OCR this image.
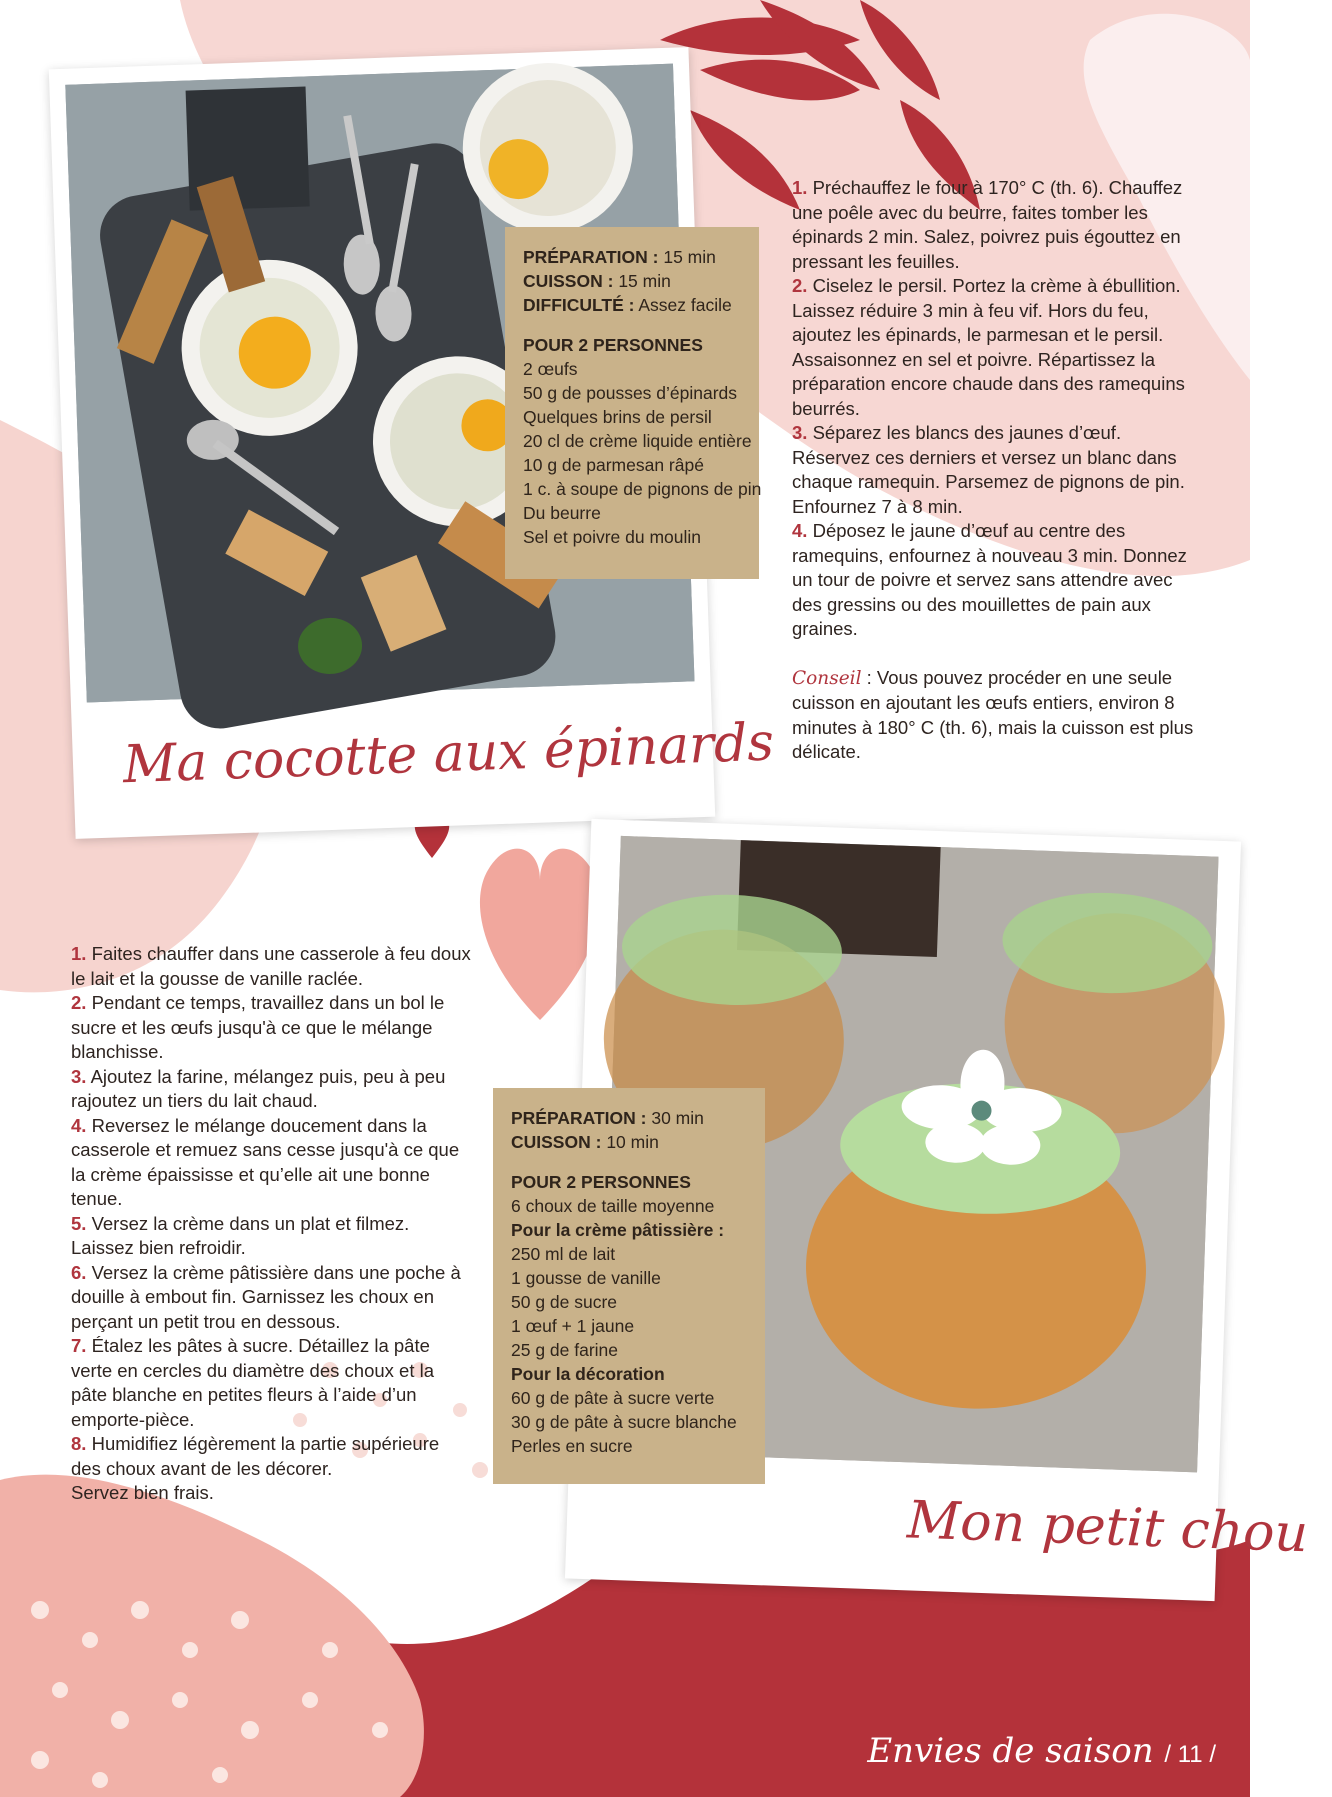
Ma cocotte aux épinards
PRÉPARATION : 15 min
CUISSON : 15 min
DIFFICULTÉ : Assez facile
POUR 2 PERSONNES
2 œufs
50 g de pousses d’épinards
Quelques brins de persil
20 cl de crème liquide entière
10 g de parmesan râpé
1 c. à soupe de pignons de pin
Du beurre
Sel et poivre du moulin

1. Préchauffez le four à 170° C (th. 6). Chauffez une poêle avec du beurre, faites tomber les épinards 2 min. Salez, poivrez puis égouttez en pressant les feuilles.

2. Ciselez le persil. Portez la crème à ébullition. Laissez réduire 3 min à feu vif. Hors du feu, ajoutez les épinards, le parmesan et le persil. Assaisonnez en sel et poivre. Répartissez la préparation encore chaude dans des ramequins beurrés.

3. Séparez les blancs des jaunes d’œuf. Réservez ces derniers et versez un blanc dans chaque ramequin. Parsemez de pignons de pin. Enfournez 7 à 8 min.

4. Déposez le jaune d’œuf au centre des ramequins, enfournez à nouveau 3 min. Donnez un tour de poivre et servez sans attendre avec des gressins ou des mouillettes de pain aux graines.

Conseil : Vous pouvez procéder en une seule cuisson en ajoutant les œufs entiers, environ 8 minutes à 180° C (th. 6), mais la cuisson est plus délicate.

Mon petit chou
PRÉPARATION : 30 min
CUISSON : 10 min
POUR 2 PERSONNES
6 choux de taille moyenne
Pour la crème pâtissière :
250 ml de lait
1 gousse de vanille
50 g de sucre
1 œuf + 1 jaune
25 g de farine
Pour la décoration
60 g de pâte à sucre verte
30 g de pâte à sucre blanche
Perles en sucre

1. Faites chauffer dans une casserole à feu doux le lait et la gousse de vanille raclée.

2. Pendant ce temps, travaillez dans un bol le sucre et les œufs jusqu'à ce que le mélange blanchisse.

3. Ajoutez la farine, mélangez puis, peu à peu rajoutez un tiers du lait chaud.

4. Reversez le mélange doucement dans la casserole et remuez sans cesse jusqu'à ce que la crème épaississe et qu’elle ait une bonne tenue.

5. Versez la crème dans un plat et filmez. Laissez bien refroidir.

6. Versez la crème pâtissière dans une poche à douille à embout fin. Garnissez les choux en perçant un petit trou en dessous.

7. Étalez les pâtes à sucre. Détaillez la pâte verte en cercles du diamètre des choux et la pâte blanche en petites fleurs à l’aide d’un emporte-pièce.

8. Humidifiez légèrement la partie supérieure des choux avant de les décorer.

Servez bien frais.

Envies de saison / 11 /
